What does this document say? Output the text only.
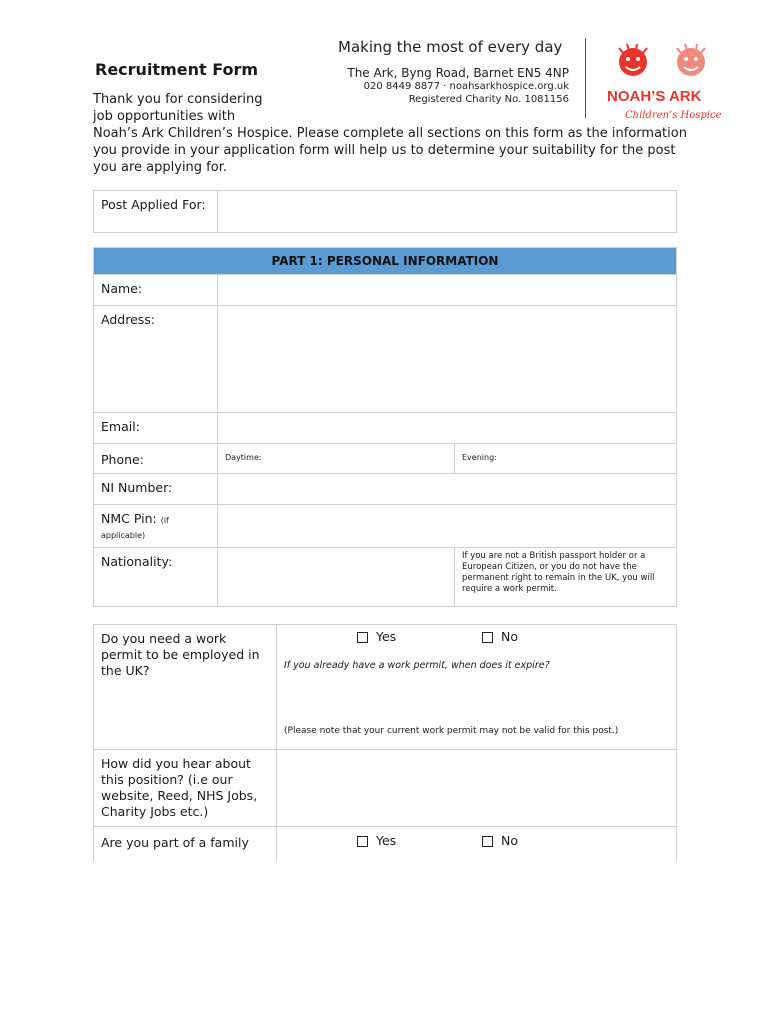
Making the most of every day
Recruitment Form	The Ark, Byng Road, Barnet EN5 4NP
020 8449 8877 · noahsarkhospice.org.uk
Registered Charity No. 1081156	NOAH’S ARK
Children’s Hospice
Thank you for considering
job opportunities with
Noah’s Ark Children’s Hospice. Please complete all sections on this form as the information you provide in your application form will help us to determine your suitability for the post you are applying for.
Post Applied For:	
PART 1: PERSONAL INFORMATION		
Name:		
Address:		
Email:		
Phone:	Daytime:	Evening:
NI Number:		
NMC Pin: (if applicable)		
Nationality:		If you are not a British passport holder or a European Citizen, or you do not have the permanent right to remain in the UK, you will require a work permit.
Do you need a work permit to be employed in the UK?	Yes No
If you already have a work permit, when does it expire?
(Please note that your current work permit may not be valid for this post.)

How did you hear about this position? (i.e our website, Reed, NHS Jobs, Charity Jobs etc.)	
Are you part of a family	Yes No
